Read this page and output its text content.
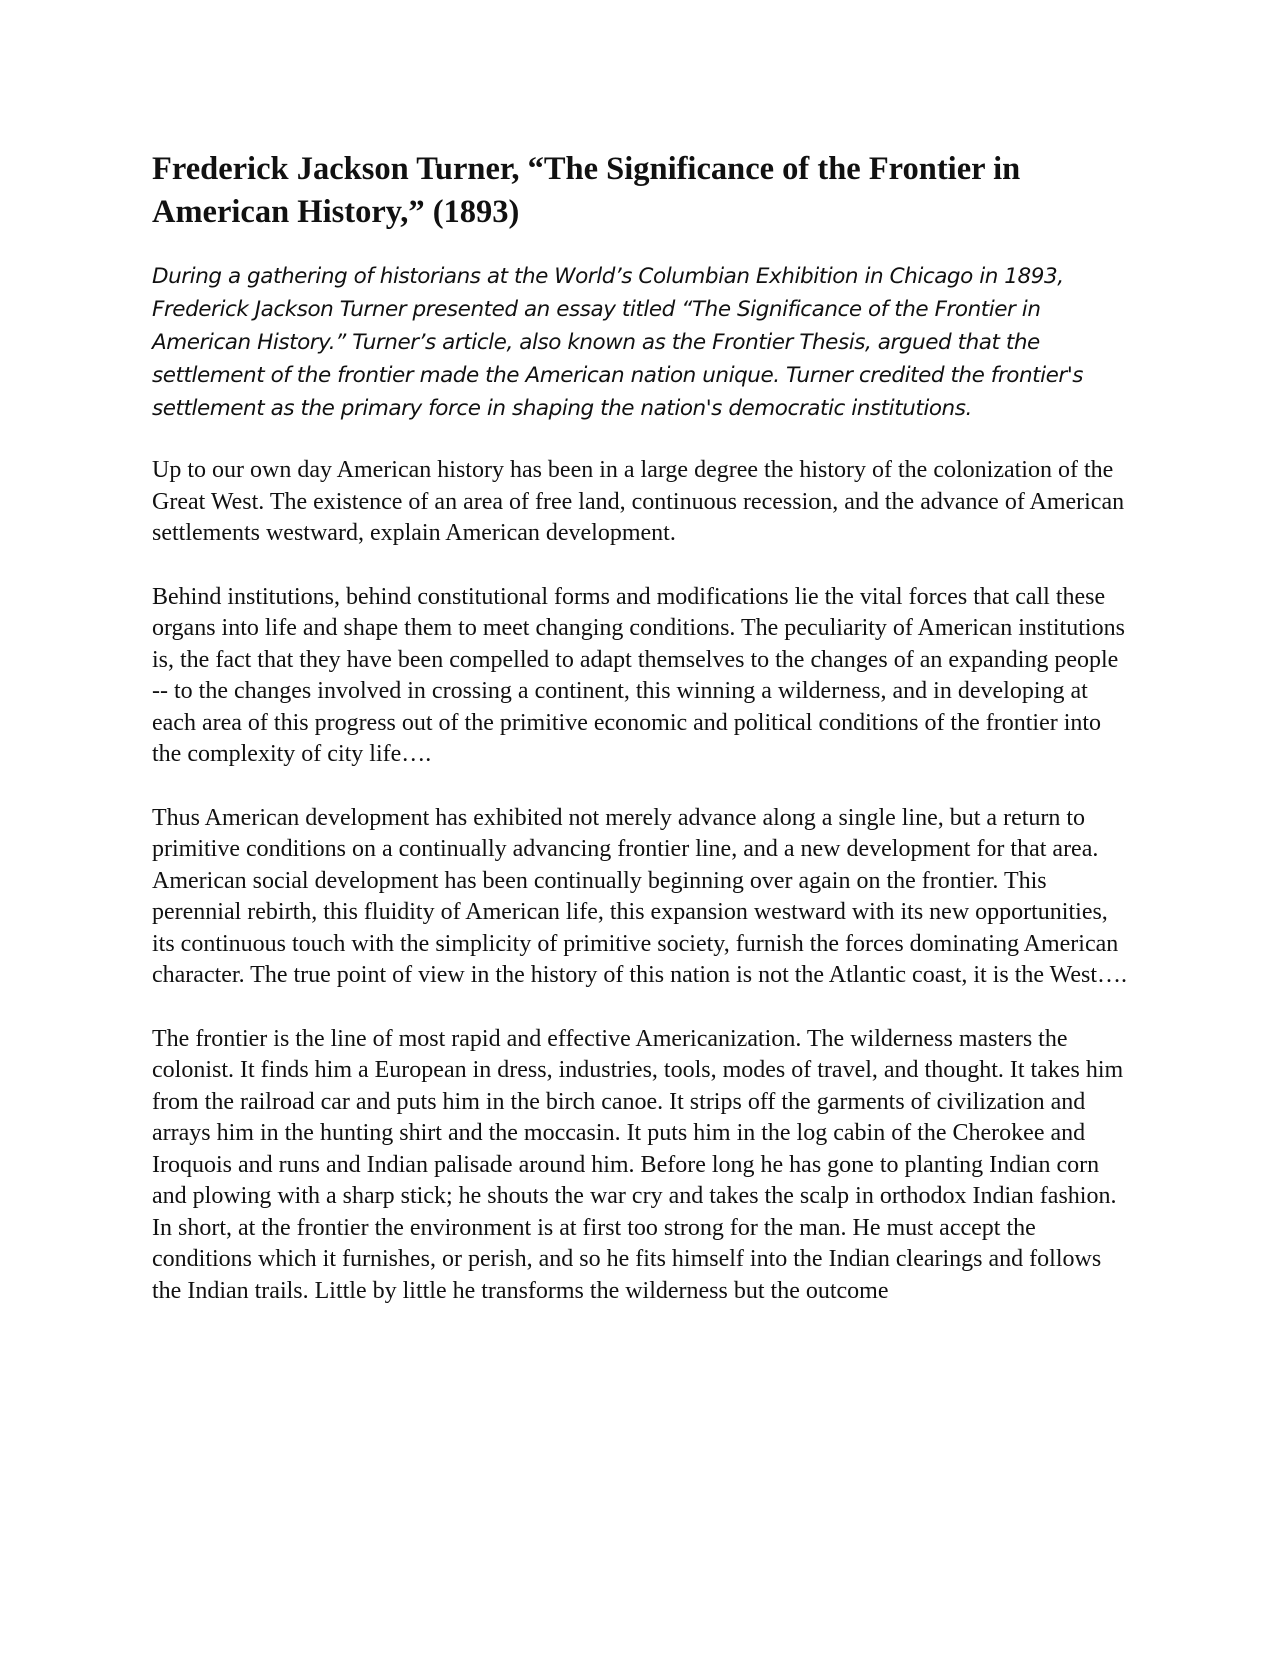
Frederick Jackson Turner, “The Significance of the Frontier in American History,” (1893)

During a gathering of historians at the World’s Columbian Exhibition in Chicago in 1893, Frederick Jackson Turner presented an essay titled “The Significance of the Frontier in American History.” Turner’s article, also known as the Frontier Thesis, argued that the settlement of the frontier made the American nation unique. Turner credited the frontier's settlement as the primary force in shaping the nation's democratic institutions.

Up to our own day American history has been in a large degree the history of the colonization of the Great West. The existence of an area of free land, continuous recession, and the advance of American settlements westward, explain American development.

Behind institutions, behind constitutional forms and modifications lie the vital forces that call these organs into life and shape them to meet changing conditions. The peculiarity of American institutions is, the fact that they have been compelled to adapt themselves to the changes of an expanding people -- to the changes involved in crossing a continent, this winning a wilderness, and in developing at each area of this progress out of the primitive economic and political conditions of the frontier into the complexity of city life….

Thus American development has exhibited not merely advance along a single line, but a return to primitive conditions on a continually advancing frontier line, and a new development for that area. American social development has been continually beginning over again on the frontier. This perennial rebirth, this fluidity of American life, this expansion westward with its new opportunities, its continuous touch with the simplicity of primitive society, furnish the forces dominating American character. The true point of view in the history of this nation is not the Atlantic coast, it is the West….

The frontier is the line of most rapid and effective Americanization. The wilderness masters the colonist. It finds him a European in dress, industries, tools, modes of travel, and thought. It takes him from the railroad car and puts him in the birch canoe. It strips off the garments of civilization and arrays him in the hunting shirt and the moccasin. It puts him in the log cabin of the Cherokee and Iroquois and runs and Indian palisade around him. Before long he has gone to planting Indian corn and plowing with a sharp stick; he shouts the war cry and takes the scalp in orthodox Indian fashion. In short, at the frontier the environment is at first too strong for the man. He must accept the conditions which it furnishes, or perish, and so he fits himself into the Indian clearings and follows the Indian trails. Little by little he transforms the wilderness but the outcome
